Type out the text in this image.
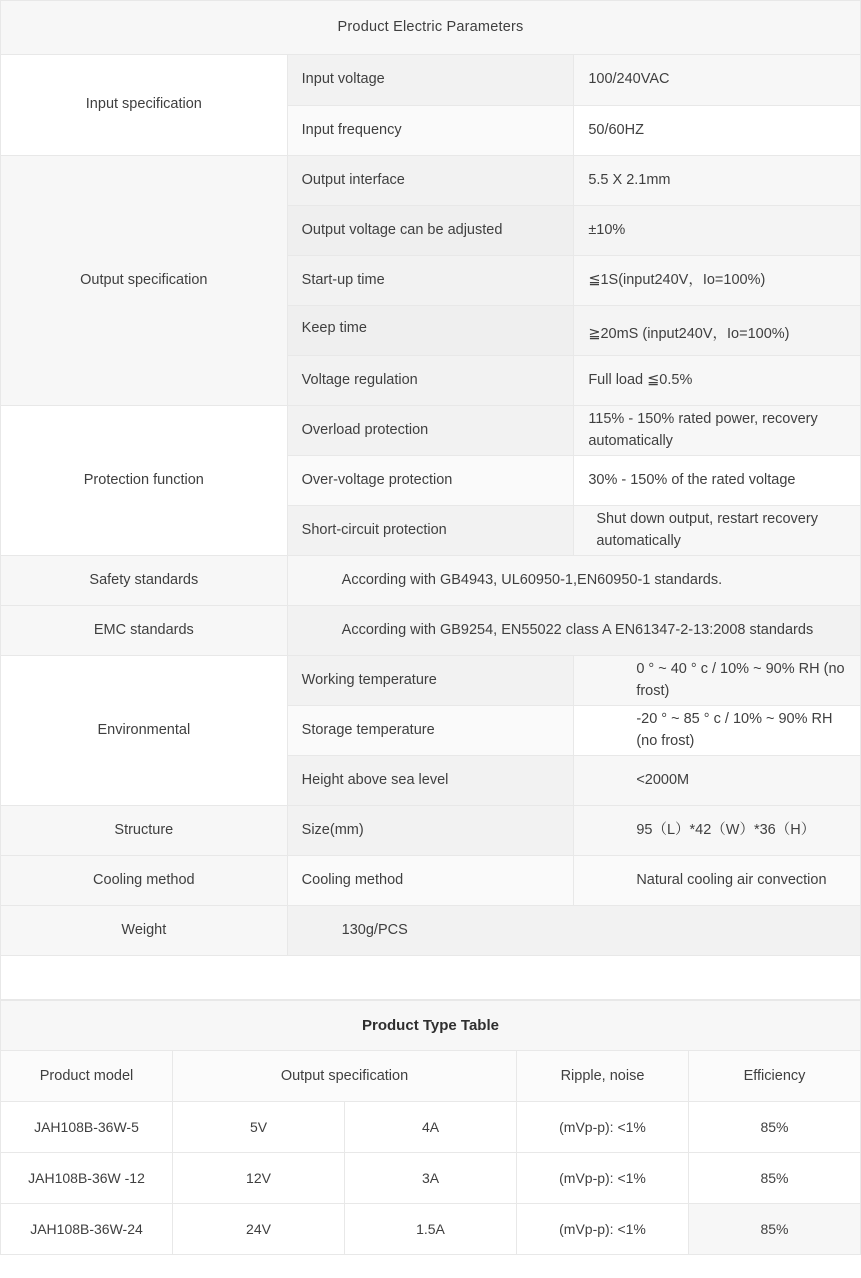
Product Electric Parameters		
Input specification	Input voltage	100/240VAC
	Input frequency	50/60HZ
Output specification	Output interface	5.5 X 2.1mm
	Output voltage can be adjusted	±10%
	Start-up time	≦1S(input240V，Io=100%)
	Keep time	≧20mS (input240V，Io=100%)
	Voltage regulation	Full load ≦0.5%
Protection function	Overload protection	115% - 150% rated power, recovery automatically
	Over-voltage protection	30% - 150% of the rated voltage
	Short-circuit protection	Shut down output, restart recovery automatically
Safety standards	According with GB4943, UL60950-1,EN60950-1 standards.	
EMC standards	According with GB9254, EN55022 class A EN61347-2-13:2008 standards	
Environmental	Working temperature	0 ° ~ 40 ° c / 10% ~ 90% RH (no frost)
	Storage temperature	-20 ° ~ 85 ° c / 10% ~ 90% RH (no frost)
	Height above sea level	<2000M
Structure	Size(mm)	95（L）*42（W）*36（H）
Cooling method	Cooling method	Natural cooling air convection
Weight	130g/PCS	

Product Type Table				
Product model	Output specification		Ripple, noise	Efficiency
JAH108B-36W-5	5V	4A	(mVp-p): <1%	85%
JAH108B-36W -12	12V	3A	(mVp-p): <1%	85%
JAH108B-36W-24	24V	1.5A	(mVp-p): <1%	85%
